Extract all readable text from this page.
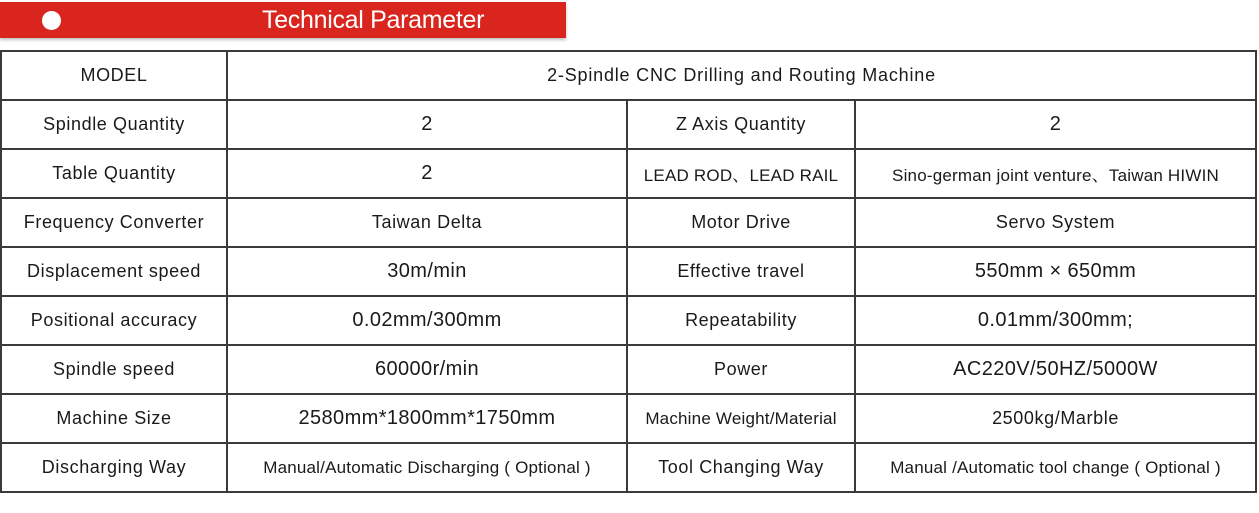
Technical Parameter
MODEL	2-Spindle CNC Drilling and Routing Machine		
Spindle Quantity	2	Z Axis Quantity	2
Table Quantity	2	LEAD ROD、LEAD RAIL	Sino-german joint venture、Taiwan HIWIN
Frequency Converter	Taiwan Delta	Motor Drive	Servo System
Displacement speed	30m/min	Effective travel	550mm × 650mm
Positional accuracy	0.02mm/300mm	Repeatability	0.01mm/300mm;
Spindle speed	60000r/min	Power	AC220V/50HZ/5000W
Machine Size	2580mm*1800mm*1750mm	Machine Weight/Material	2500kg/Marble
Discharging Way	Manual/Automatic Discharging ( Optional )	Tool Changing Way	Manual /Automatic tool change ( Optional )
